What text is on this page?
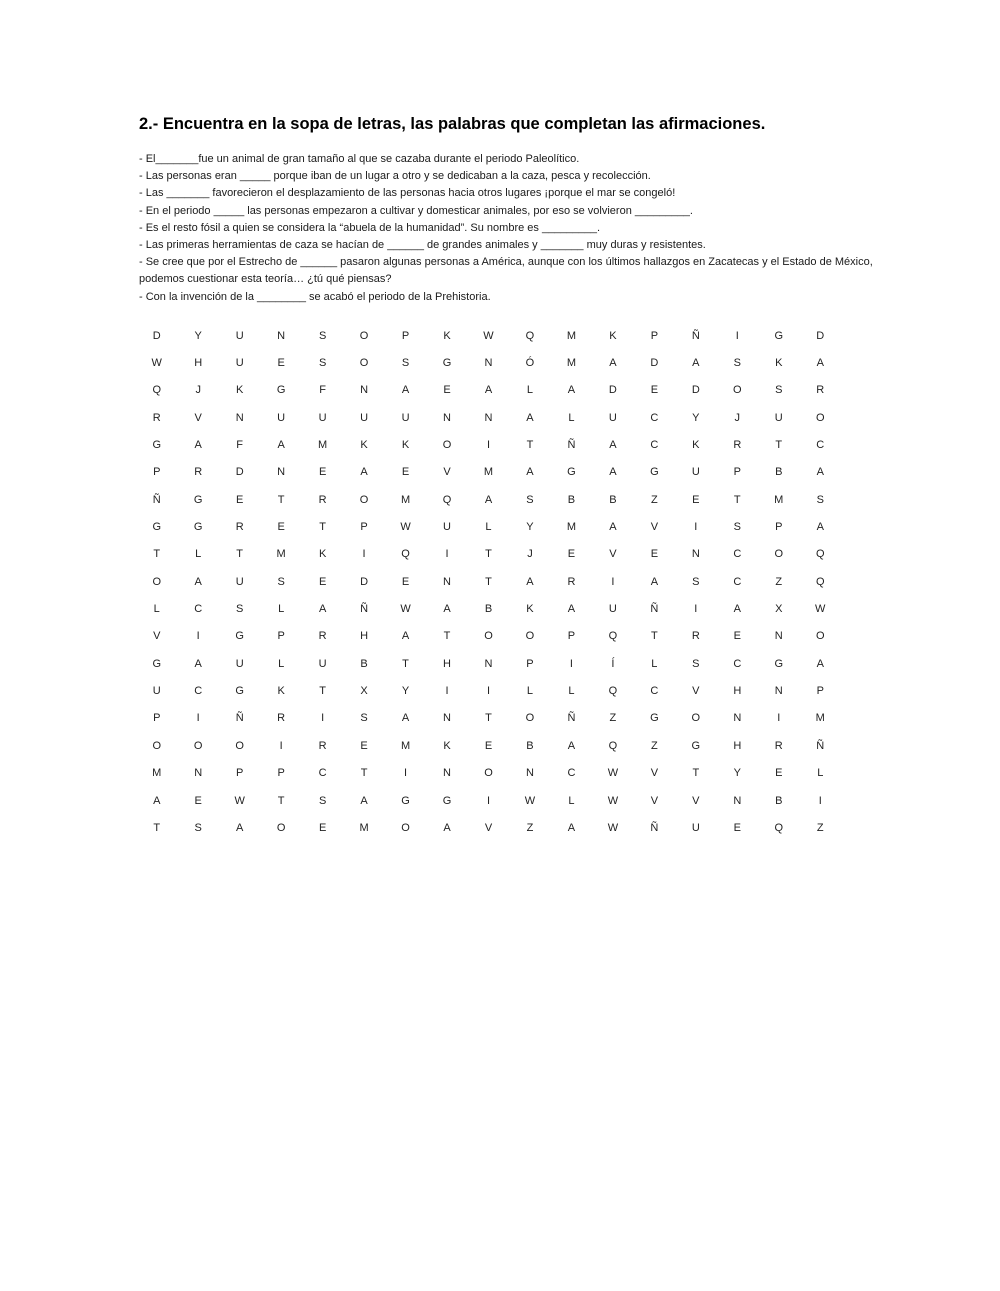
2.- Encuentra en la sopa de letras, las palabras que completan las afirmaciones.
- El_______fue un animal de gran tamaño al que se cazaba durante el periodo Paleolítico.
- Las personas eran _____ porque iban de un lugar a otro y se dedicaban a la caza, pesca y recolección.
- Las _______ favorecieron el desplazamiento de las personas hacia otros lugares ¡porque el mar se congeló!
- En el periodo _____ las personas empezaron a cultivar y domesticar animales, por eso se volvieron _________.
- Es el resto fósil a quien se considera la “abuela de la humanidad”. Su nombre es _________.
- Las primeras herramientas de caza se hacían de ______ de grandes animales y _______ muy duras y resistentes.
- Se cree que por el Estrecho de ______ pasaron algunas personas a América, aunque con los últimos hallazgos en Zacatecas y el Estado de México, podemos cuestionar esta teoría… ¿tú qué piensas?
- Con la invención de la ________ se acabó el periodo de la Prehistoria.
D	Y	U	N	S	O	P	K	W	Q	M	K	P	Ñ	I	G	D
W	H	U	E	S	O	S	G	N	Ó	M	A	D	A	S	K	A
Q	J	K	G	F	N	A	E	A	L	A	D	E	D	O	S	R
R	V	N	U	U	U	U	N	N	A	L	U	C	Y	J	U	O
G	A	F	A	M	K	K	O	I	T	Ñ	A	C	K	R	T	C
P	R	D	N	E	A	E	V	M	A	G	A	G	U	P	B	A
Ñ	G	E	T	R	O	M	Q	A	S	B	B	Z	E	T	M	S
G	G	R	E	T	P	W	U	L	Y	M	A	V	I	S	P	A
T	L	T	M	K	I	Q	I	T	J	E	V	E	N	C	O	Q
O	A	U	S	E	D	E	N	T	A	R	I	A	S	C	Z	Q
L	C	S	L	A	Ñ	W	A	B	K	A	U	Ñ	I	A	X	W
V	I	G	P	R	H	A	T	O	O	P	Q	T	R	E	N	O
G	A	U	L	U	B	T	H	N	P	I	Í	L	S	C	G	A
U	C	G	K	T	X	Y	I	I	L	L	Q	C	V	H	N	P
P	I	Ñ	R	I	S	A	N	T	O	Ñ	Z	G	O	N	I	M
O	O	O	I	R	E	M	K	E	B	A	Q	Z	G	H	R	Ñ
M	N	P	P	C	T	I	N	O	N	C	W	V	T	Y	E	L
A	E	W	T	S	A	G	G	I	W	L	W	V	V	N	B	I
T	S	A	O	E	M	O	A	V	Z	A	W	Ñ	U	E	Q	Z
